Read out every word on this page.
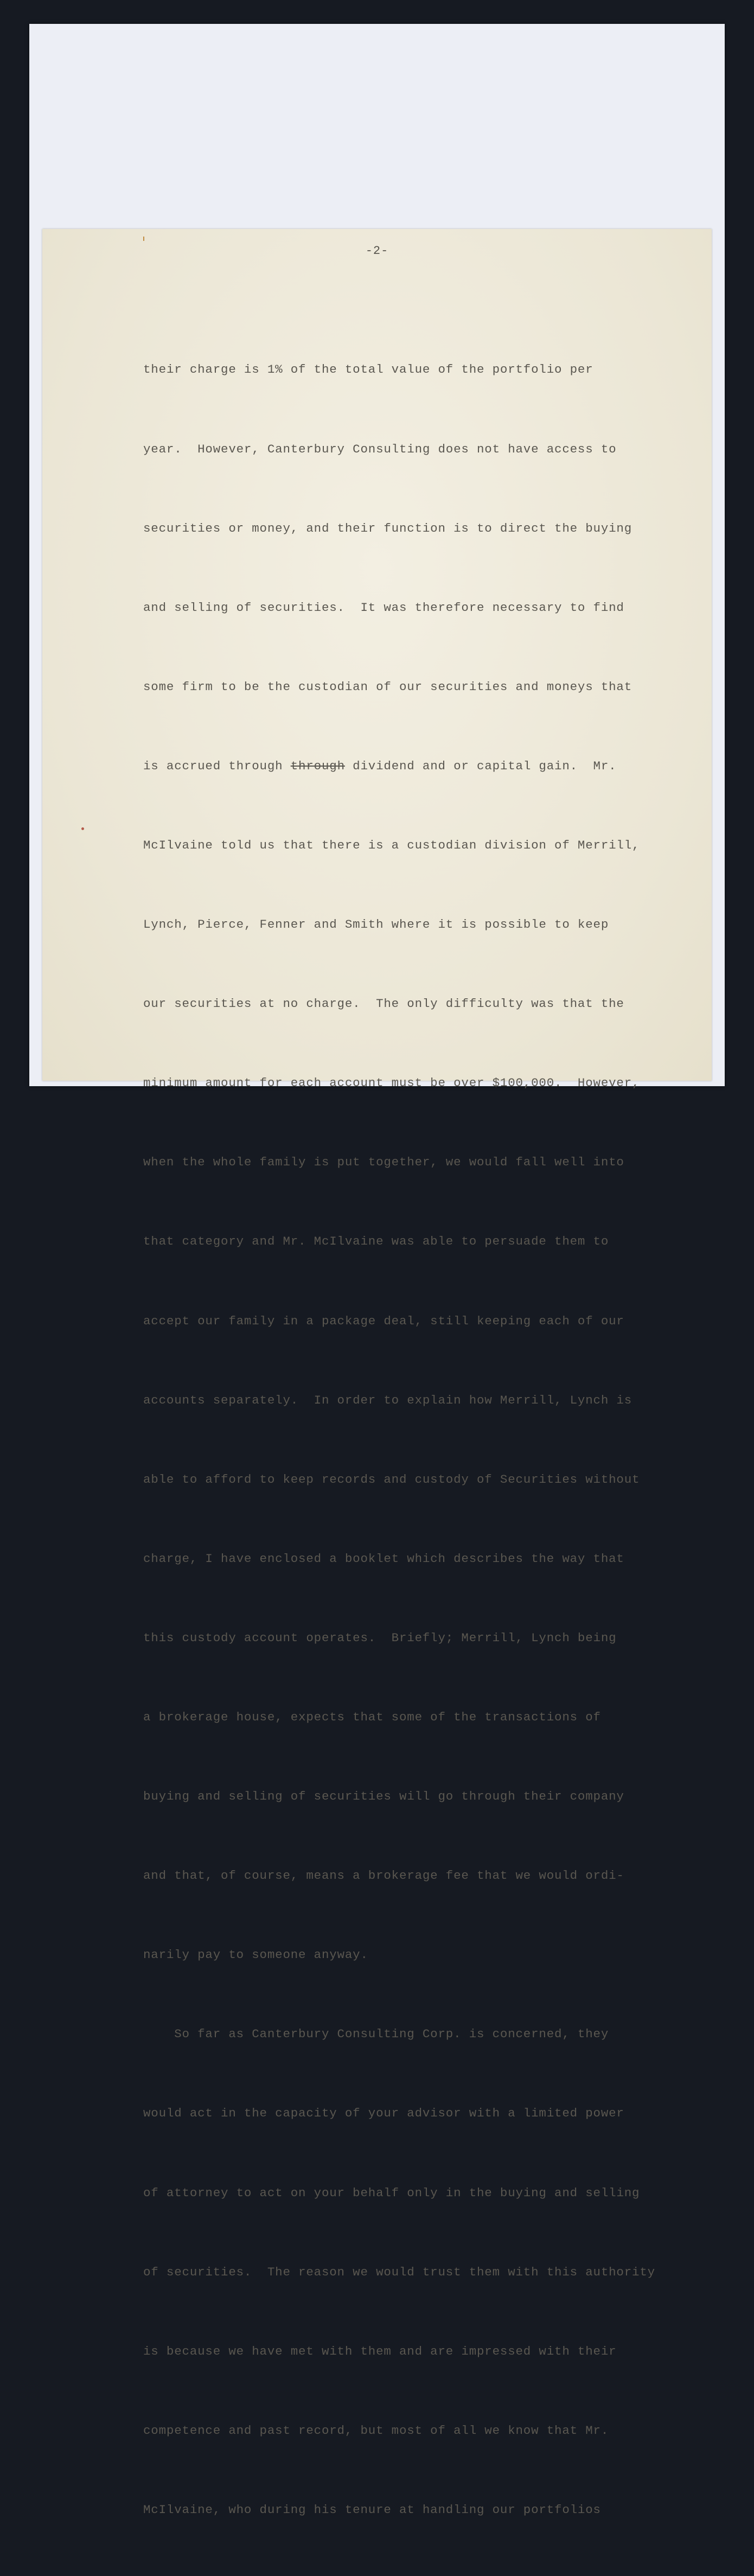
-2-

their charge is 1% of the total value of the portfolio per

year.  However, Canterbury Consulting does not have access to

securities or money, and their function is to direct the buying

and selling of securities.  It was therefore necessary to find

some firm to be the custodian of our securities and moneys that

is accrued through through dividend and or capital gain.  Mr.

McIlvaine told us that there is a custodian division of Merrill,

Lynch, Pierce, Fenner and Smith where it is possible to keep

our securities at no charge.  The only difficulty was that the

minimum amount for each account must be over $100,000.  However,

when the whole family is put together, we would fall well into

that category and Mr. McIlvaine was able to persuade them to

accept our family in a package deal, still keeping each of our

accounts separately.  In order to explain how Merrill, Lynch is

able to afford to keep records and custody of Securities without

charge, I have enclosed a booklet which describes the way that

this custody account operates.  Briefly; Merrill, Lynch being

a brokerage house, expects that some of the transactions of

buying and selling of securities will go through their company

and that, of course, means a brokerage fee that we would ordi-

narily pay to someone anyway.

So far as Canterbury Consulting Corp. is concerned, they

would act in the capacity of your advisor with a limited power

of attorney to act on your behalf only in the buying and selling

of securities.  The reason we would trust them with this authority

is because we have met with them and are impressed with their

competence and past record, but most of all we know that Mr.

McIlvaine, who during his tenure at handling our portfolios
